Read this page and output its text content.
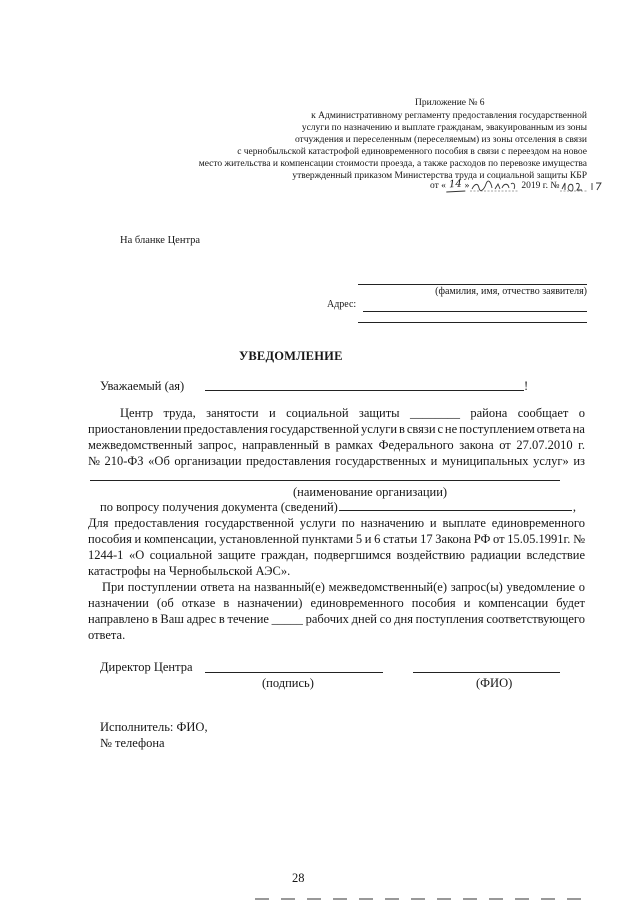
Приложение № 6
к Административному регламенту предоставления государственной
услуги по назначению и выплате гражданам, эвакуированным из зоны
отчуждения и переселенным (переселяемым) из зоны отселения в связи
с чернобыльской катастрофой единовременного пособия в связи с переездом на новое
место жительства и компенсации стоимости проезда, а также расходов по перевозке имущества
утвержденный приказом Министерства труда и социальной защиты КБР
от « 14 »	2019 г. №
На бланке Центра
(фамилия, имя, отчество заявителя)
Адрес:
УВЕДОМЛЕНИЕ
Уважаемый (ая)	!
Центр труда, занятости и социальной защиты ________ района сообщает о
приостановлении предоставления государственной услуги в связи с не поступлением ответа на
межведомственный запрос, направленный в рамках Федерального закона от 27.07.2010 г.
№ 210-ФЗ «Об организации предоставления государственных и муниципальных услуг» из
(наименование организации)
по вопросу получения документа (сведений)	,
Для предоставления государственной услуги по назначению и выплате единовременного
пособия и компенсации, установленной пунктами 5 и 6 статьи 17 Закона РФ от 15.05.1991г. №
1244-1 «О социальной защите граждан, подвергшимся воздействию радиации вследствие
катастрофы на Чернобыльской АЭС».
При поступлении ответа на названный(е) межведомственный(е) запрос(ы) уведомление о
назначении (об отказе в назначении) единовременного пособия и компенсации будет
направлено в Ваш адрес в течение _____ рабочих дней со дня поступления соответствующего
ответа.
Директор Центра
(подпись)	(ФИО)
Исполнитель: ФИО,
№ телефона
28
